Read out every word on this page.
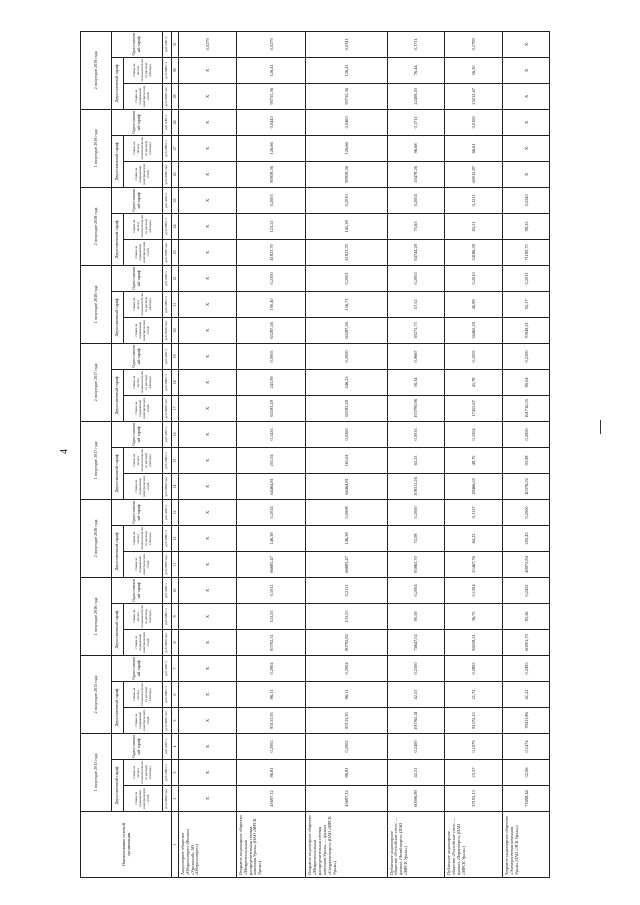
4
Наименование сетевой организации	1 полугодие 2015 года			2 полугодие 2015 года			1 полугодие 2016 года			2 полугодие 2016 года			1 полугодие 2017 года			2 полугодие 2017 года			1 полугодие 2018 года			2 полугодие 2018 года			1 полугодие 2019 года			2 полугодие 2019 года		
	Двухставочный тариф		Одноставочный тариф	Двухставочный тариф		Одноставочный тариф	Двухставочный тариф		Одноставочный тариф	Двухставочный тариф		Одноставочный тариф	Двухставочный тариф		Одноставочный тариф	Двухставочный тариф		Одноставочный тариф	Двухставочный тариф		Одноставочный тариф	Двухставочный тариф		Одноставочный тариф	Двухставочный тариф		Одноставочный тариф	Двухставочный тариф		Одноставочный тариф
	ставка за содержание электрических сетей	ставка на оплату технологического расхода (потерь)		ставка за содержание электрических сетей	ставка на оплату технологического расхода (потерь)		ставка за содержание электрических сетей	ставка на оплату технологического расхода (потерь)		ставка за содержание электрических сетей	ставка на оплату технологического расхода (потерь)		ставка за содержание электрических сетей	ставка на оплату технологического расхода (потерь)		ставка за содержание электрических сетей	ставка на оплату технологического расхода (потерь)		ставка за содержание электрических сетей	ставка на оплату технологического расхода (потерь)		ставка за содержание электрических сетей	ставка на оплату технологического расхода (потерь)		ставка за содержание электрических сетей	ставка на оплату технологического расхода (потерь)		ставка за содержание электрических сетей	ставка на оплату технологического расхода (потерь)	
	руб./МВт·мес	руб./МВт·ч	руб./кВт·ч	руб./МВт·мес	руб./МВт·ч	руб./кВт·ч	руб./МВт·мес	руб./МВт·ч	руб./кВт·ч	руб./МВт·мес	руб./МВт·ч	руб./кВт·ч	руб./МВт·мес	руб./МВт·ч	руб./кВт·ч	руб./МВт·мес	руб./МВт·ч	руб./кВт·ч	руб./МВт·мес	руб./МВт·ч	руб./кВт·ч	руб./МВт·мес	руб./МВт·ч	руб./кВт·ч	руб./МВт·мес	руб./МВт·ч	руб./кВт·ч	руб./МВт·мес	руб./МВт·ч	руб./кВт·ч
1	2	3	4	5	6	7	8	9	10	11	12	13	14	15	16	17	18	19	20	21	22	23	24	25	26	27	28	29	30	31
Акционерное общество «Оборонэнерго» (Филиал «Уральский» АО «Оборонэнерго»)	Х	Х	Х	Х	Х	Х	Х	Х	Х	Х	Х	Х	Х	Х	Х	Х	Х	Х	Х	Х	Х	Х	Х	Х	Х	Х	Х	Х	Х	0,0279
Открытое акционерное общество «Межрегиональная распределительная сетевая компания Урала» (ОАО «МРСК Урала»)	45697,12	86,81	0,2002	85133,95	86,11	0,2904	85792,51	123,55	0,1011	66683,47	146,38	0,2014	64464,81	201,04	0,1433	63183,28	243,99	0,0005	63287,26	190,40	0,2300	41823,70	123,21	0,2003	80958,56	126,66	0,0443	90735,36	126,41	0,0279
Открытое акционерное общество «Межрегиональная распределительная сетевая компания Урала» — филиал «Свердловэнерго» (ОАО «МРСК Урала»)	45697,12	86,81	0,2002	85133,95	86,11	0,2904	80792,82	133,55	0,2111	66683,47	146,38	0,0008	64464,81	161,61	0,0263	63183,28	246,23	0,2000	63287,26	156,71	0,2001	41823,70	145,38	0,2010	80958,56	126,66	0,0463	90735,36	126,41	0,0341
Публичное акционерное общество «Российские сети» — филиал «Челябэнерго» (ПАО «МРСК Урала»)	60006,89	42,51	0,2400	100765,41	42,53	0,2300	74647,02	90,59	0,2004	83863,70	72,08	0,2000	108311,26	63,23	0,0033	103799,96	56,34	0,0667	39271,75	57,52	0,2003	94744,29	75,63	0,2004	20478,26	96,68	0,1711	22409,20	76,44	0,1711
Публичное акционерное общество «Российские сети» — филиал «Пермэнерго» (ПАО «МРСК Урала»)	37193,13	23,37	0,1079	81572,15	21,72	0,0805	96058,21	36,75	0,1394	25467,76	64,22	0,1117	28466,05	48,70	0,1004	17455,67	41,78	0,1005	34465,59	40,98	0,2010	34186,39	63,51	0,1211	60015,87	66,61	0,0100	25012,67	56,30	0,1799
Закрытое акционерное общество «Электросетевая компания Урала» (ЗАО «ЭСК Урала»)	71698,44	32,06	0,1474	78411,86	41,22	0,2495	60901,70	83,26	0,2432	48972,84	200,43	0,2000	40376,02	93,98	0,2000	161716,35	80,04	0,2300	70949,21	92,17	0,2011	71180,75	98,35	0,2245	Х	Х	Х	Х	Х	Х
